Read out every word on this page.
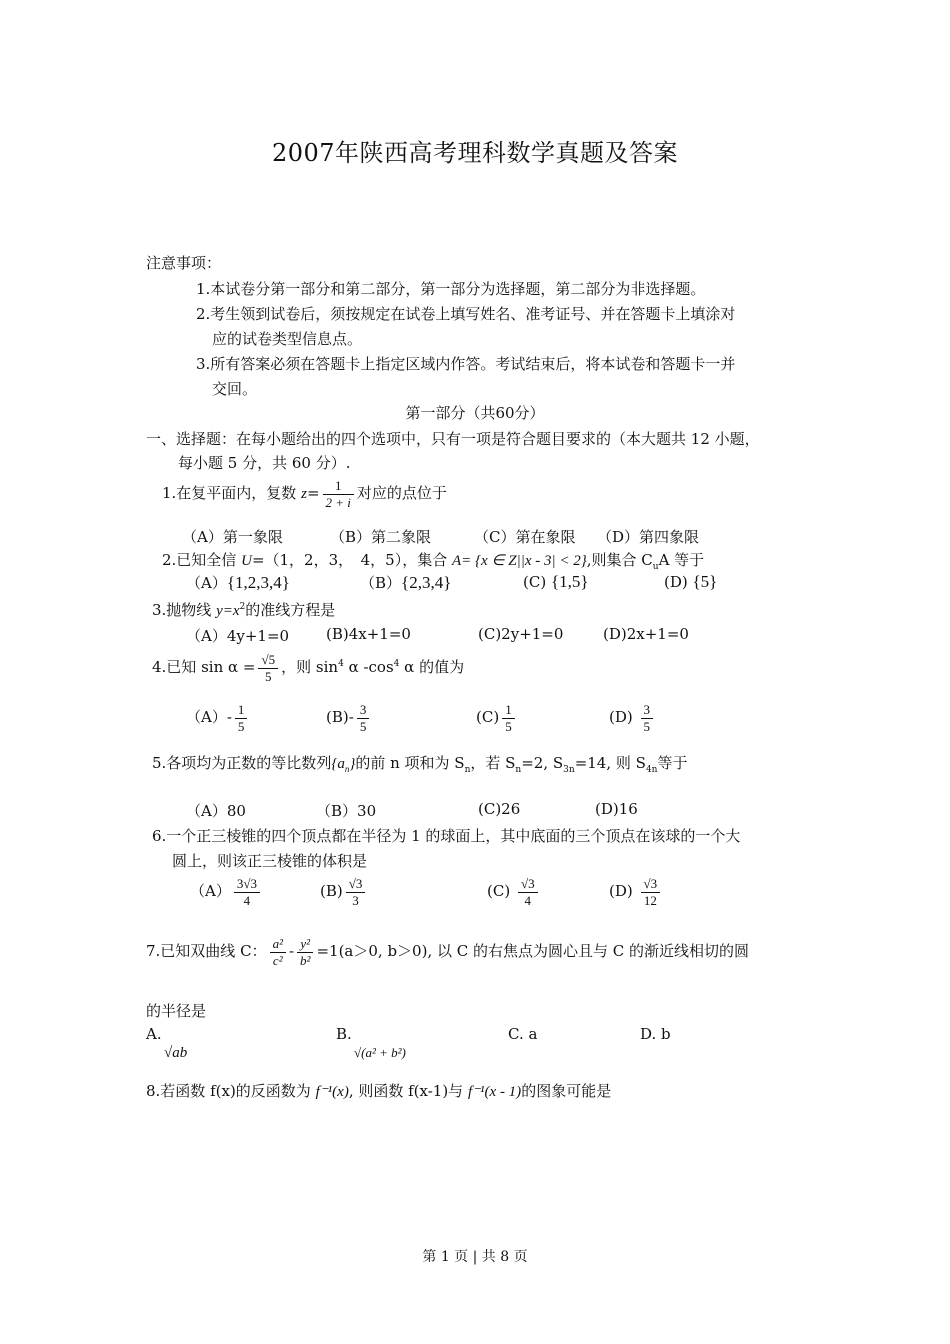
2007年陕西高考理科数学真题及答案
注意事项：
1.本试卷分第一部分和第二部分，第一部分为选择题，第二部分为非选择题。
2.考生领到试卷后，须按规定在试卷上填写姓名、准考证号、并在答题卡上填涂对
应的试卷类型信息点。
3.所有答案必须在答题卡上指定区域内作答。考试结束后，将本试卷和答题卡一并
交回。
第一部分（共60分）
一、选择题：在每小题给出的四个选项中，只有一项是符合题目要求的（本大题共 12 小题，
每小题 5 分，共 60 分）.
1.在复平面内，复数 $z= \frac{1}{2 + i}$ 对应的点位于
（A）第一象限	（B）第二象限	（C）第在象限 （D）第四象限
2.已知全信 U=（1，2，3，　4，5），集合 A= {x ∈ Z||x - 3| < 2},则集合 $C_uA$ 等于
（A）{1,2,3,4}	（B）{2,3,4}	(C) {1,5}	(D) {5}
3.抛物线 $y=x^2$的准线方程是
（A）4y+1=0 (B)4x+1=0	(C)2y+1=0	(D)2x+1=0
4.已知 $\sin \alpha = \frac{√5}{5}$ ，则 $\sin^4 \alpha$ $-\cos^4$ α 的值为
$(A)- \frac{1}{5}$	$(B)- \frac{3}{5}$	$(C) \frac{1}{5}$	$(D) \frac{3}{5}$
5.各项均为正数的等比数列$\{a_n\}$的前 n 项和为 $S_n$，若 $S_n=2$, $S_{3n}=14$, 则 $S_{4n}$等于
（A）80	（B）30	(C)26	(D)16
6.一个正三棱锥的四个顶点都在半径为 1 的球面上，其中底面的三个顶点在该球的一个大
圆上，则该正三棱锥的体积是
$(A) \frac{3√3}{4}$	$(B) \frac{√3}{3}$	$(C) \frac{√3}{4}$	$(D) \frac{√3}{12}$
7.已知双曲线 C： $\frac{\text{a²}}{\text{c²}} - \frac{\text{y²}}{\text{b²}} =1(a>0$, b＞0), 以 C 的右焦点为圆心且与 C 的渐近线相切的圆
的半径是
A.
√ab
B.
√(a² + b²)
C. a	D. b
8.若函数 f(x)的反函数为 f⁻¹(x), 则函数 f(x-1)与 f⁻¹(x - 1)的图象可能是
第 1 页 | 共 8 页
